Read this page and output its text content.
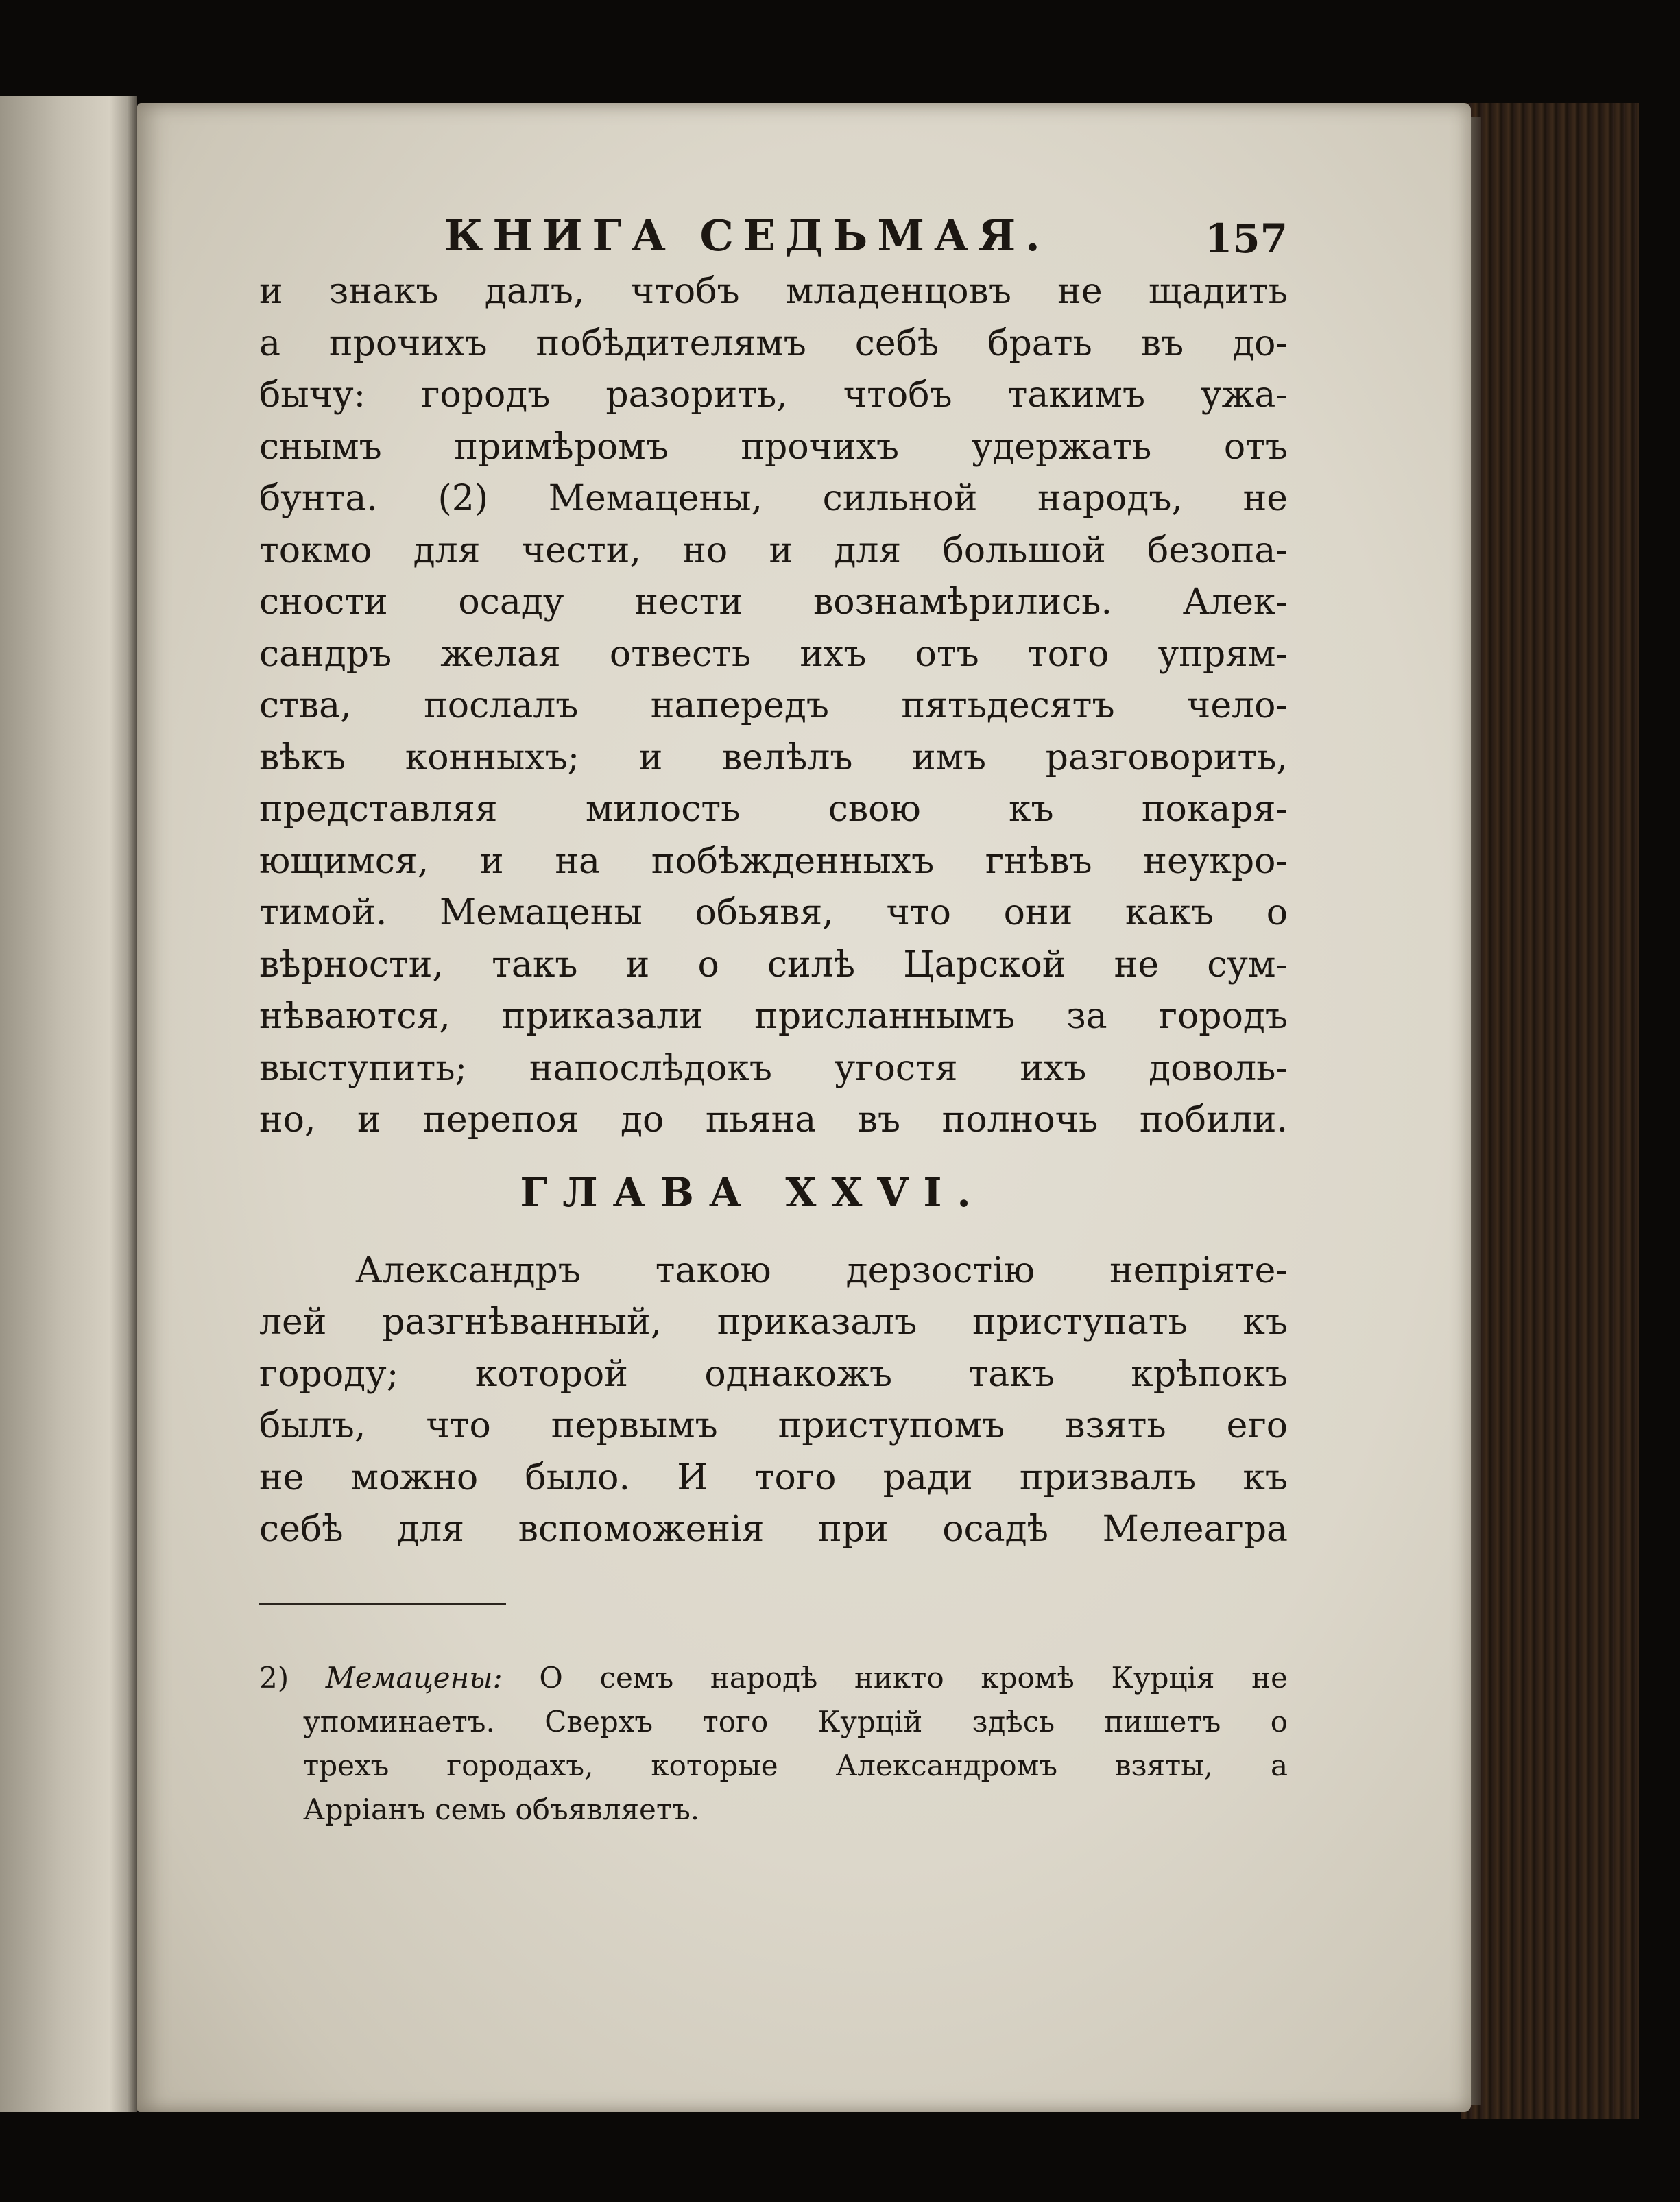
КНИГА СЕДЬМАЯ.	157
и знакъ далъ, чтобъ младенцовъ не щадить
а прочихъ побѣдителямъ себѣ брать въ до-
бычу: городъ разорить, чтобъ такимъ ужа-
снымъ примѣромъ прочихъ удержать отъ
бунта. (2) Мемацены, сильной народъ, не
токмо для чести, но и для большой безопа-
сности осаду нести вознамѣрились. Алек-
сандръ желая отвесть ихъ отъ того упрям-
ства, послалъ напередъ пятьдесятъ чело-
вѣкъ конныхъ; и велѣлъ имъ разговорить,
представляя милость свою къ покаря-
ющимся, и на побѣжденныхъ гнѣвъ неукро-
тимой. Мемацены обьявя, что они какъ о
вѣрности, такъ и о силѣ Царской не сум-
нѣваются, приказали присланнымъ за городъ
выступить; напослѣдокъ угостя ихъ доволь-
но, и перепоя до пьяна въ полночь побили.
ГЛАВА XXVI.
Александръ такою дерзостію непріяте-
лей разгнѣванный, приказалъ приступать къ
городу; которой однакожъ такъ крѣпокъ
былъ, что первымъ приступомъ взять его
не можно было. И того ради призвалъ къ
себѣ для вспоможенія при осадѣ Мелеагра
2) Мемацены: О семъ народѣ никто кромѣ Курція не
упоминаетъ. Сверхъ того Курцій здѣсь пишетъ о
трехъ городахъ, которые Александромъ взяты, а
Арріанъ семь объявляетъ.
